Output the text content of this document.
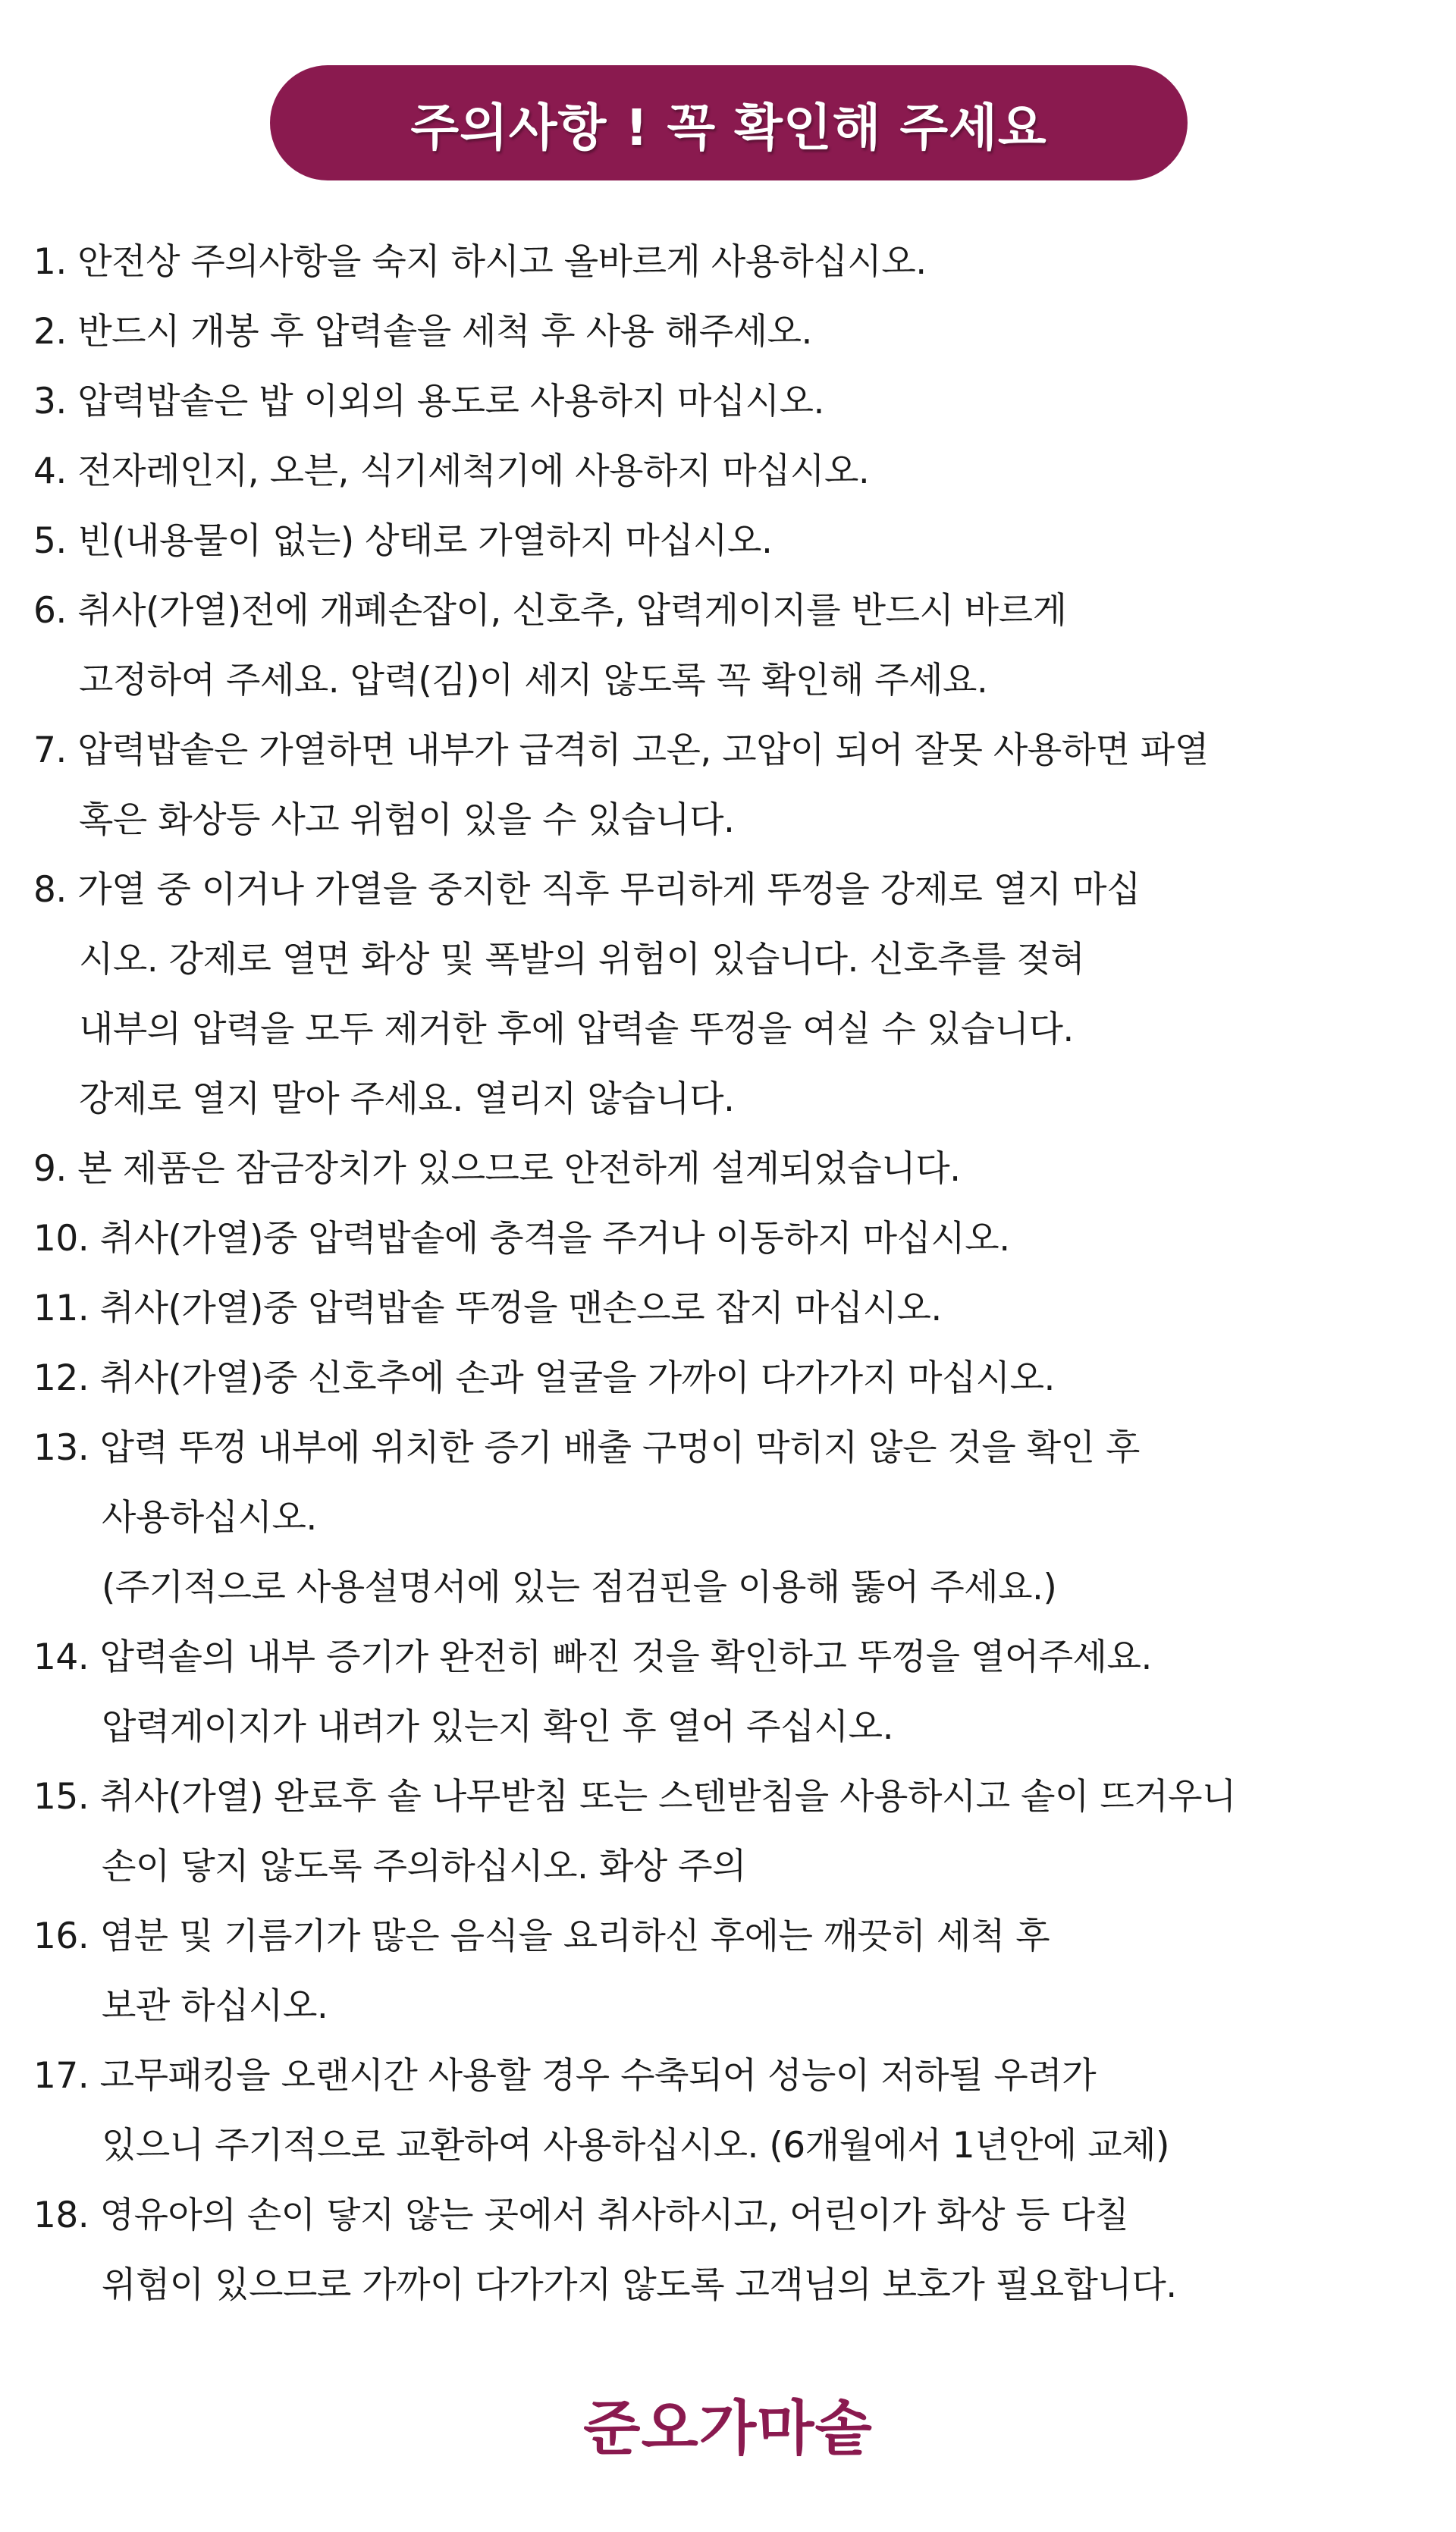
주의사항 ! 꼭 확인해 주세요
1. 안전상 주의사항을 숙지 하시고 올바르게 사용하십시오.
2. 반드시 개봉 후 압력솥을 세척 후 사용 해주세오.
3. 압력밥솥은 밥 이외의 용도로 사용하지 마십시오.
4. 전자레인지, 오븐, 식기세척기에 사용하지 마십시오.
5. 빈(내용물이 없는) 상태로 가열하지 마십시오.
6. 취사(가열)전에 개폐손잡이, 신호추, 압력게이지를 반드시 바르게
고정하여 주세요. 압력(김)이 세지 않도록 꼭 확인해 주세요.
7. 압력밥솥은 가열하면 내부가 급격히 고온, 고압이 되어 잘못 사용하면 파열
혹은 화상등 사고 위험이 있을 수 있습니다.
8. 가열 중 이거나 가열을 중지한 직후 무리하게 뚜껑을 강제로 열지 마십
시오. 강제로 열면 화상 및 폭발의 위험이 있습니다. 신호추를 젖혀
내부의 압력을 모두 제거한 후에 압력솥 뚜껑을 여실 수 있습니다.
강제로 열지 말아 주세요. 열리지 않습니다.
9. 본 제품은 잠금장치가 있으므로 안전하게 설계되었습니다.
10. 취사(가열)중 압력밥솥에 충격을 주거나 이동하지 마십시오.
11. 취사(가열)중 압력밥솥 뚜껑을 맨손으로 잡지 마십시오.
12. 취사(가열)중 신호추에 손과 얼굴을 가까이 다가가지 마십시오.
13. 압력 뚜껑 내부에 위치한 증기 배출 구멍이 막히지 않은 것을 확인 후
사용하십시오.
(주기적으로 사용설명서에 있는 점검핀을 이용해 뚫어 주세요.)
14. 압력솥의 내부 증기가 완전히 빠진 것을 확인하고 뚜껑을 열어주세요.
압력게이지가 내려가 있는지 확인 후 열어 주십시오.
15. 취사(가열) 완료후 솥 나무받침 또는 스텐받침을 사용하시고 솥이 뜨거우니
손이 닿지 않도록 주의하십시오. 화상 주의
16. 염분 및 기름기가 많은 음식을 요리하신 후에는 깨끗히 세척 후
보관 하십시오.
17. 고무패킹을 오랜시간 사용할 경우 수축되어 성능이 저하될 우려가
있으니 주기적으로 교환하여 사용하십시오. (6개월에서 1년안에 교체)
18. 영유아의 손이 닿지 않는 곳에서 취사하시고, 어린이가 화상 등 다칠
위험이 있으므로 가까이 다가가지 않도록 고객님의 보호가 필요합니다.
준오가마솥
